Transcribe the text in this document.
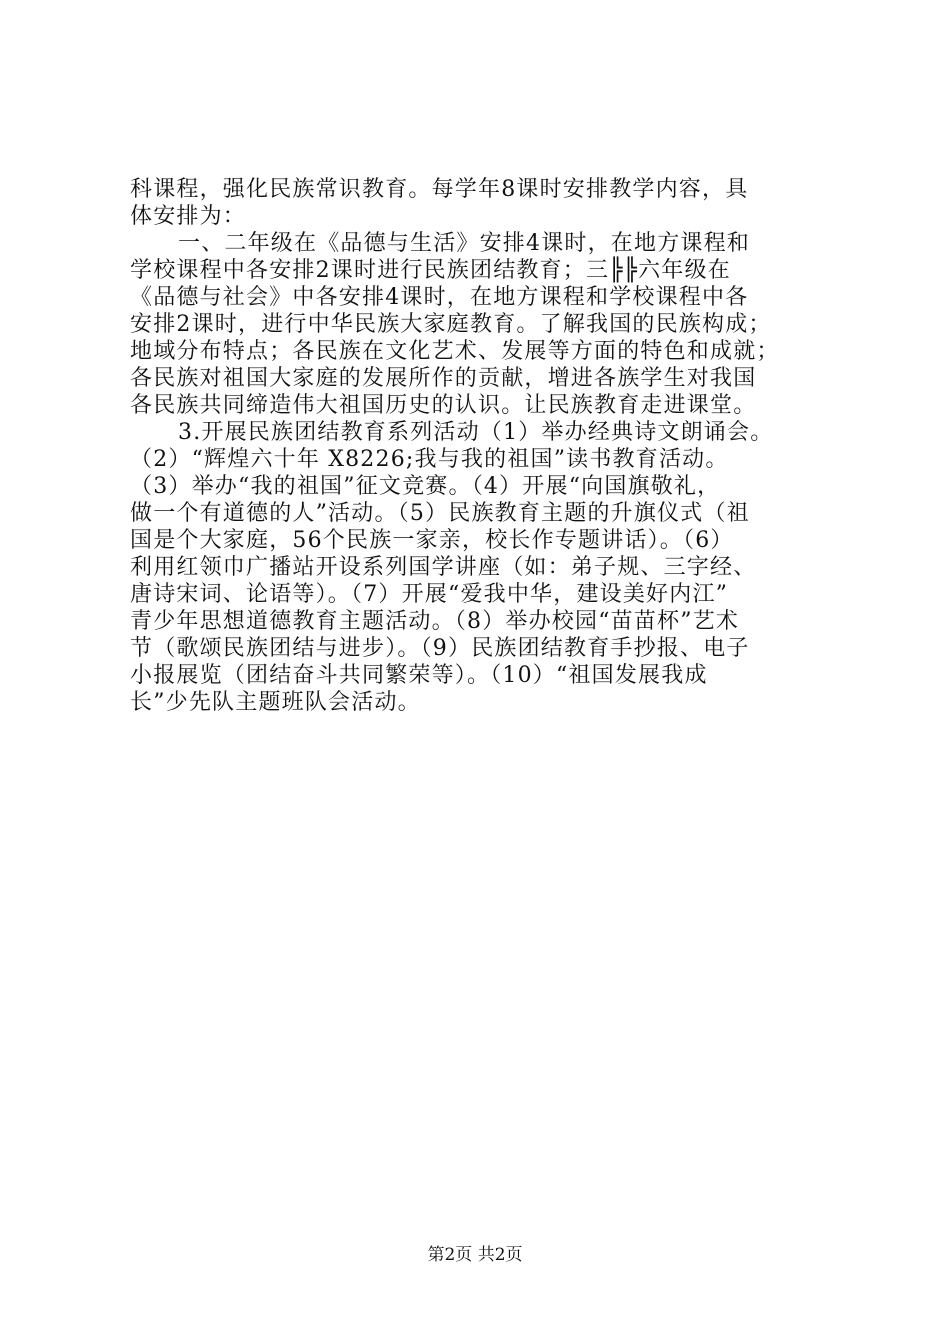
科课程，强化民族常识教育。每学年8课时安排教学内容，具
体安排为：
一、二年级在《品德与生活》安排4课时，在地方课程和
学校课程中各安排2课时进行民族团结教育；三╠╠六年级在
《品德与社会》中各安排4课时，在地方课程和学校课程中各
安排2课时，进行中华民族大家庭教育。了解我国的民族构成；
地域分布特点；各民族在文化艺术、发展等方面的特色和成就；
各民族对祖国大家庭的发展所作的贡献，增进各族学生对我国
各民族共同缔造伟大祖国历史的认识。让民族教育走进课堂。
3.开展民族团结教育系列活动（1）举办经典诗文朗诵会。
（2）“辉煌六十年 X8226;我与我的祖国”读书教育活动。
（3）举办“我的祖国”征文竞赛。（4）开展“向国旗敬礼，
做一个有道德的人”活动。（5）民族教育主题的升旗仪式（祖
国是个大家庭，56个民族一家亲，校长作专题讲话）。（6）
利用红领巾广播站开设系列国学讲座（如：弟子规、三字经、
唐诗宋词、论语等）。（7）开展“爱我中华，建设美好内江”
青少年思想道德教育主题活动。（8）举办校园“苗苗杯”艺术
节（歌颂民族团结与进步）。（9）民族团结教育手抄报、电子
小报展览（团结奋斗共同繁荣等）。（10）“祖国发展我成
长”少先队主题班队会活动。
第2页 共2页
